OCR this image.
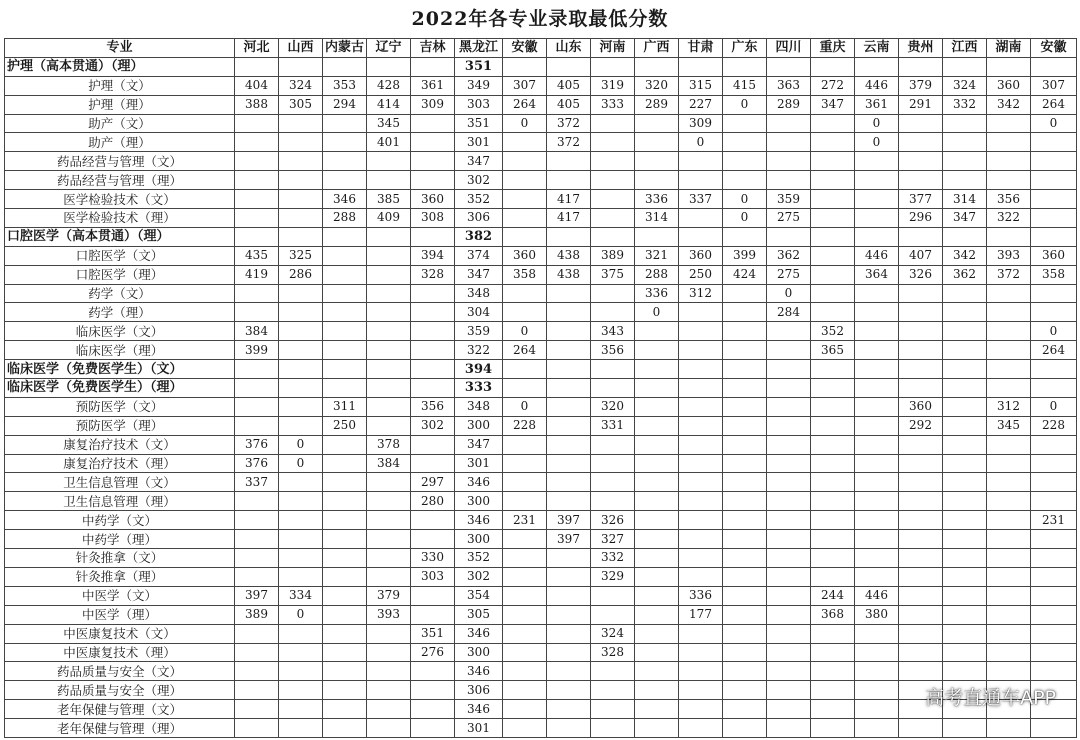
2022年各专业录取最低分数
专业	河北	山西	内蒙古	辽宁	吉林	黑龙江	安徽	山东	河南	广西	甘肃	广东	四川	重庆	云南	贵州	江西	湖南	安徽
护理（高本贯通）（理）						351													
护理（文）	404	324	353	428	361	349	307	405	319	320	315	415	363	272	446	379	324	360	307
护理（理）	388	305	294	414	309	303	264	405	333	289	227	0	289	347	361	291	332	342	264
助产（文）				345		351	0	372			309				0				0
助产（理）				401		301		372			0				0				
药品经营与管理（文）						347													
药品经营与管理（理）						302													
医学检验技术（文）			346	385	360	352		417		336	337	0	359			377	314	356	
医学检验技术（理）			288	409	308	306		417		314		0	275			296	347	322	
口腔医学（高本贯通）（理）						382													
口腔医学（文）	435	325			394	374	360	438	389	321	360	399	362		446	407	342	393	360
口腔医学（理）	419	286			328	347	358	438	375	288	250	424	275		364	326	362	372	358
药学（文）						348				336	312		0						
药学（理）						304				0			284						
临床医学（文）	384					359	0		343					352					0
临床医学（理）	399					322	264		356					365					264
临床医学（免费医学生）（文）						394													
临床医学（免费医学生）（理）						333													
预防医学（文）			311		356	348	0		320							360		312	0
预防医学（理）			250		302	300	228		331							292		345	228
康复治疗技术（文）	376	0		378		347													
康复治疗技术（理）	376	0		384		301													
卫生信息管理（文）	337				297	346													
卫生信息管理（理）					280	300													
中药学（文）						346	231	397	326										231
中药学（理）						300		397	327										
针灸推拿（文）					330	352			332										
针灸推拿（理）					303	302			329										
中医学（文）	397	334		379		354					336			244	446				
中医学（理）	389	0		393		305					177			368	380				
中医康复技术（文）					351	346			324										
中医康复技术（理）					276	300			328										
药品质量与安全（文）						346													
药品质量与安全（理）						306													
老年保健与管理（文）						346													
老年保健与管理（理）						301													
高考直通车APP
